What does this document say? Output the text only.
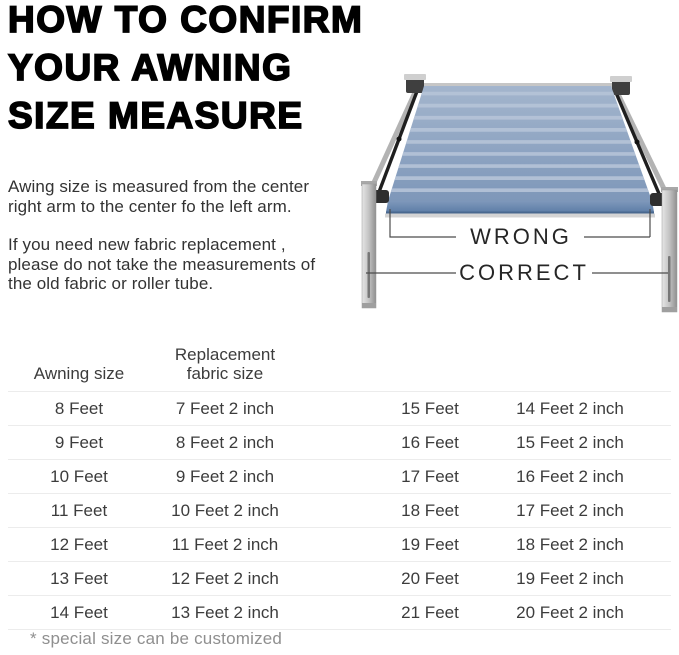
HOW TO CONFIRM
YOUR AWNING
SIZE MEASURE

Awing size is measured from the center right arm to the center fo the left arm.

If you need new fabric replacement , please do not take the measurements of the old fabric or roller tube.

WRONG
CORRECT
Awning size
Replacement fabric size
8 Feet	7 Feet 2 inch	15 Feet	14 Feet 2 inch
9 Feet	8 Feet 2 inch	16 Feet	15 Feet 2 inch
10 Feet	9 Feet 2 inch	17 Feet	16 Feet 2 inch
11 Feet	10 Feet 2 inch	18 Feet	17 Feet 2 inch
12 Feet	11 Feet 2 inch	19 Feet	18 Feet 2 inch
13 Feet	12 Feet 2 inch	20 Feet	19 Feet 2 inch
14 Feet	13 Feet 2 inch	21 Feet	20 Feet 2 inch
* special size can be customized
